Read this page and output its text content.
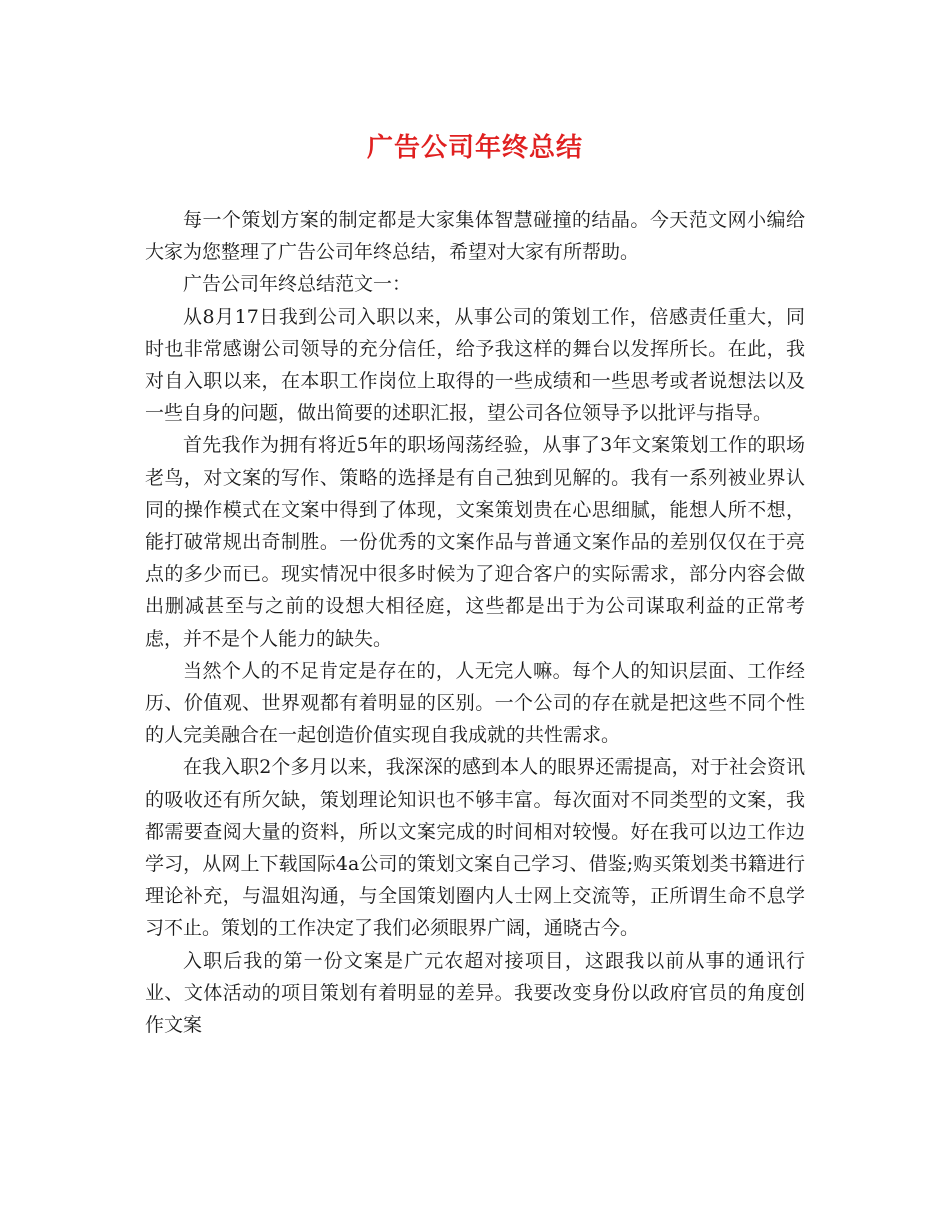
广告公司年终总结

每一个策划方案的制定都是大家集体智慧碰撞的结晶。今天范文网小编给大家为您整理了广告公司年终总结，希望对大家有所帮助。

广告公司年终总结范文一：

从8月17日我到公司入职以来，从事公司的策划工作，倍感责任重大，同时也非常感谢公司领导的充分信任，给予我这样的舞台以发挥所长。在此，我对自入职以来，在本职工作岗位上取得的一些成绩和一些思考或者说想法以及一些自身的问题，做出简要的述职汇报，望公司各位领导予以批评与指导。

首先我作为拥有将近5年的职场闯荡经验，从事了3年文案策划工作的职场老鸟，对文案的写作、策略的选择是有自己独到见解的。我有一系列被业界认同的操作模式在文案中得到了体现，文案策划贵在心思细腻，能想人所不想，能打破常规出奇制胜。一份优秀的文案作品与普通文案作品的差别仅仅在于亮点的多少而已。现实情况中很多时候为了迎合客户的实际需求，部分内容会做出删减甚至与之前的设想大相径庭，这些都是出于为公司谋取利益的正常考虑，并不是个人能力的缺失。

当然个人的不足肯定是存在的，人无完人嘛。每个人的知识层面、工作经历、价值观、世界观都有着明显的区别。一个公司的存在就是把这些不同个性的人完美融合在一起创造价值实现自我成就的共性需求。

在我入职2个多月以来，我深深的感到本人的眼界还需提高，对于社会资讯的吸收还有所欠缺，策划理论知识也不够丰富。每次面对不同类型的文案，我都需要查阅大量的资料，所以文案完成的时间相对较慢。好在我可以边工作边学习，从网上下载国际4a公司的策划文案自己学习、借鉴;购买策划类书籍进行理论补充，与温姐沟通，与全国策划圈内人士网上交流等，正所谓生命不息学习不止。策划的工作决定了我们必须眼界广阔，通晓古今。

入职后我的第一份文案是广元农超对接项目，这跟我以前从事的通讯行业、文体活动的项目策划有着明显的差异。我要改变身份以政府官员的角度创作文案
